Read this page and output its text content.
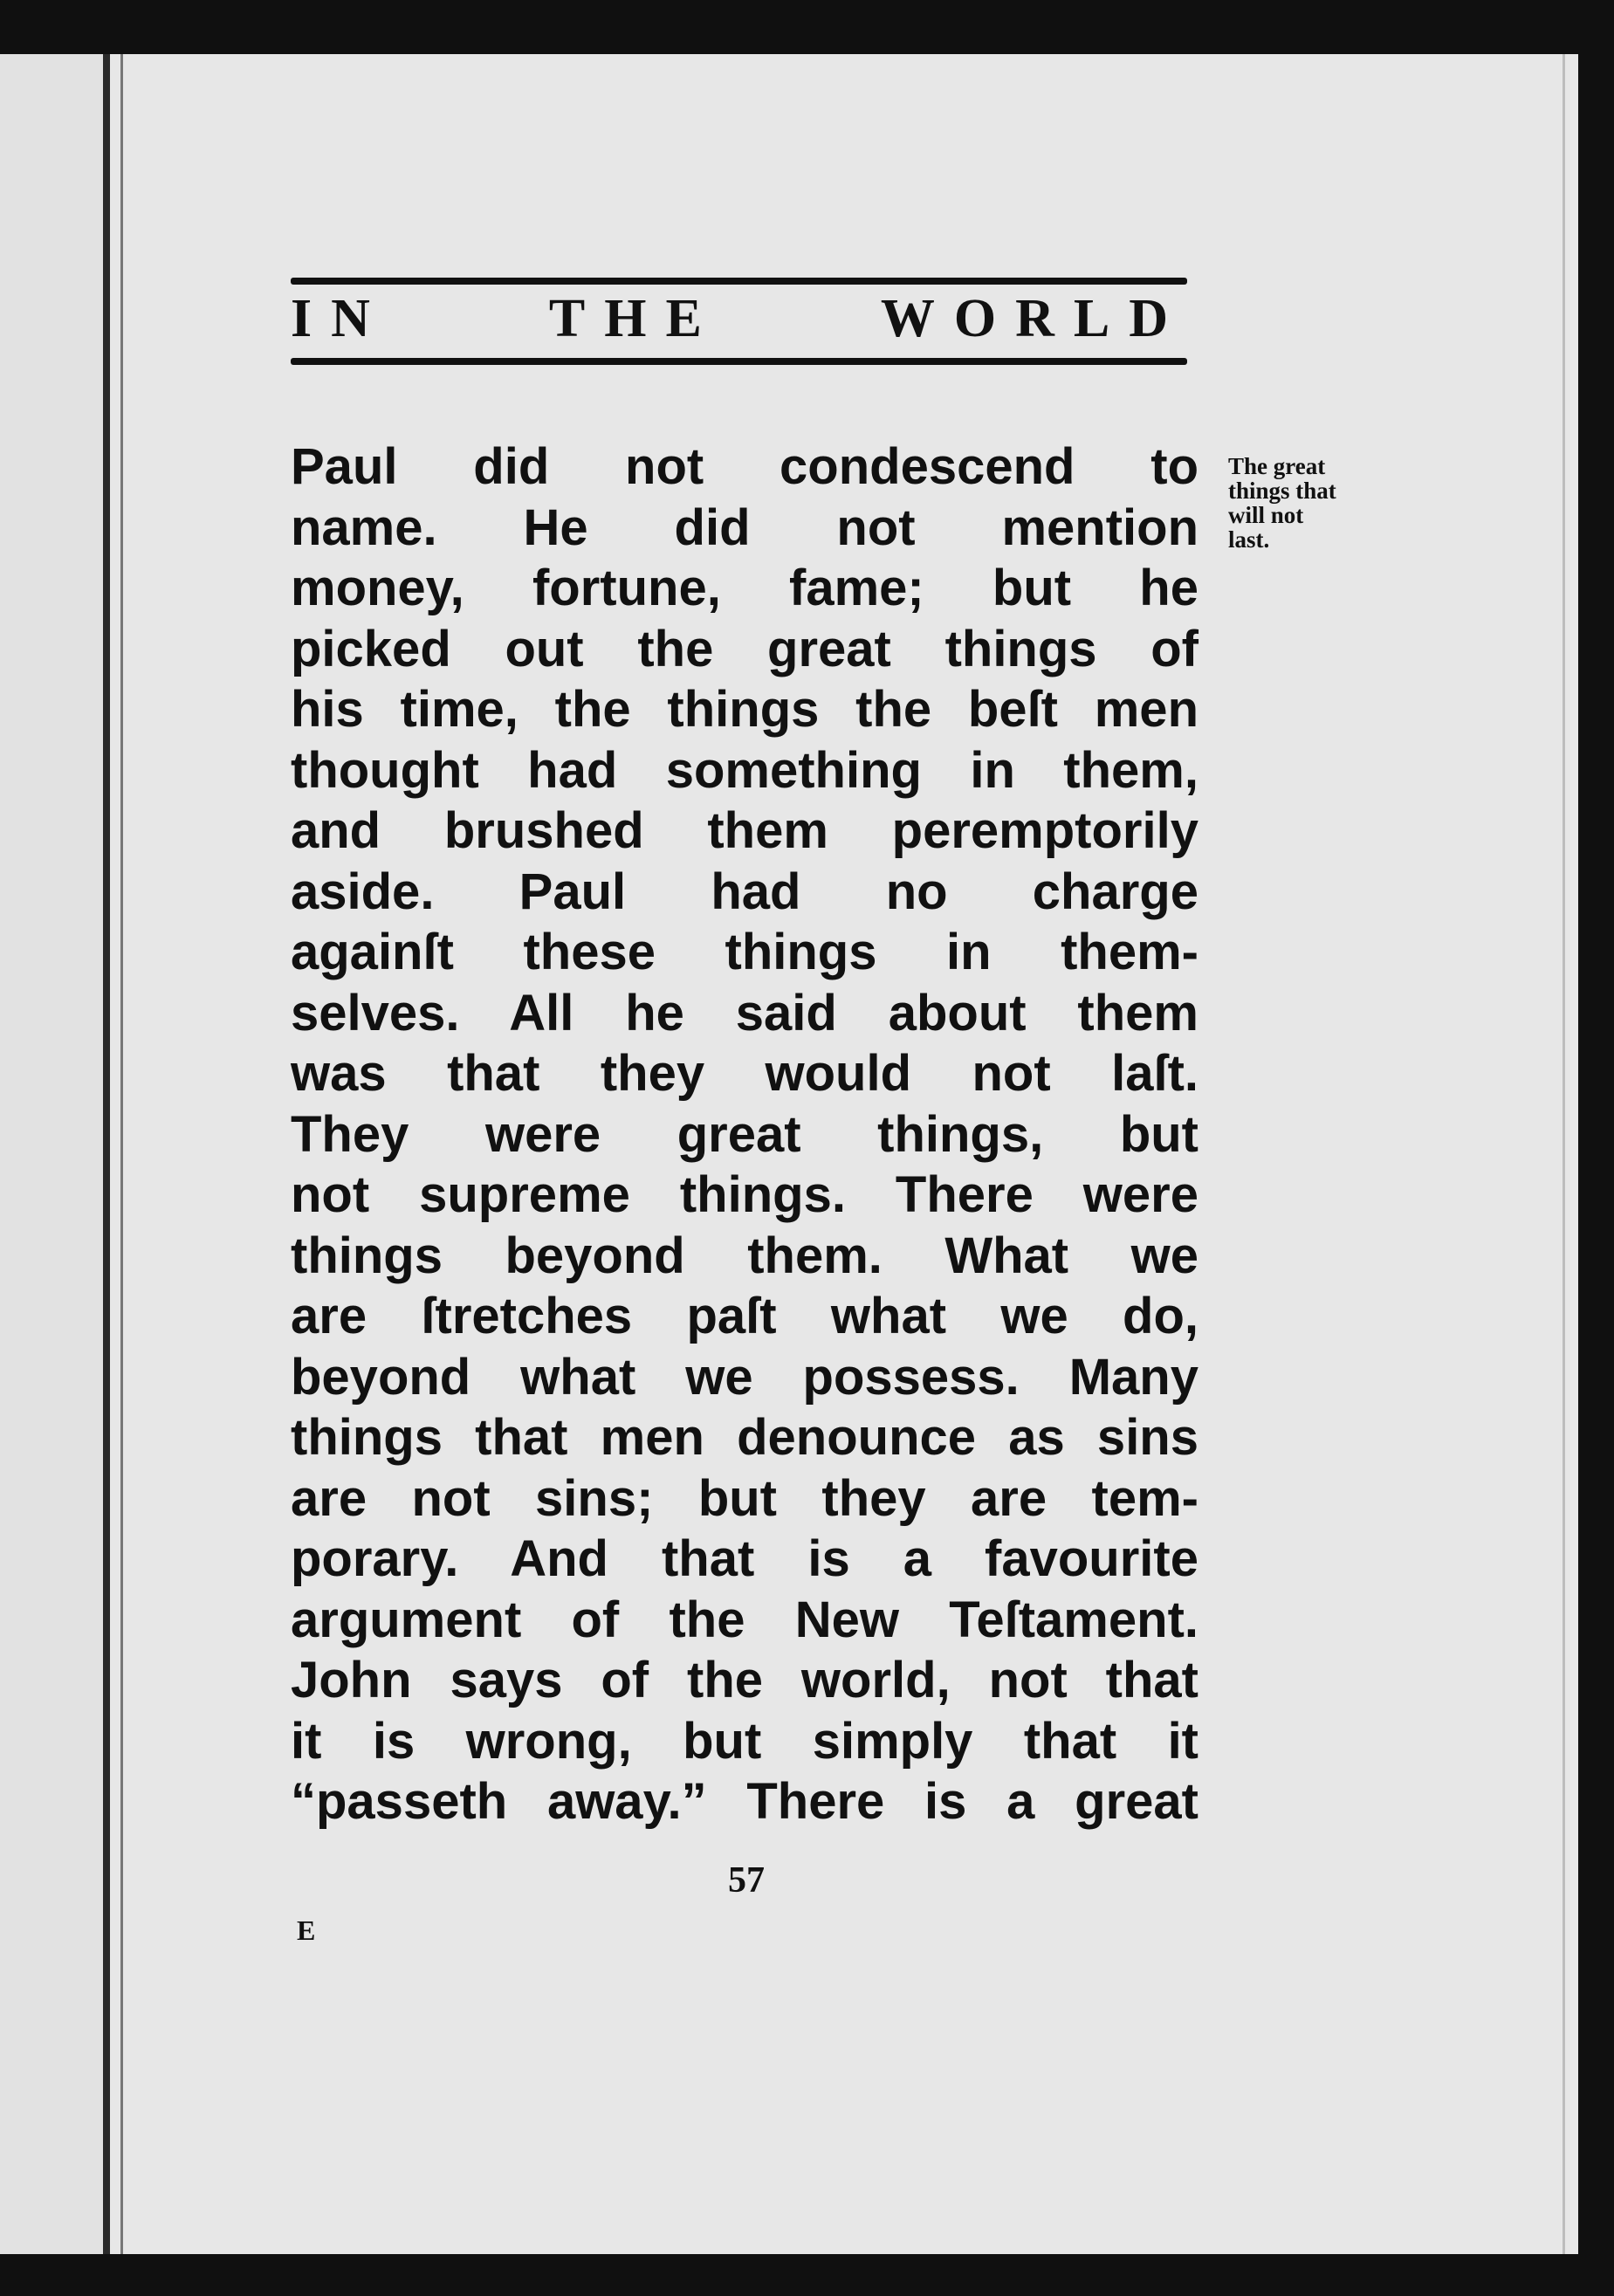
IN	THE	WORLD
Paul did not condescend to
name. He did not mention
money, fortune, fame; but he
picked out the great things of
his time, the things the beſt men
thought had something in them,
and brushed them peremptorily
aside. Paul had no charge
againſt these things in them-
selves. All he said about them
was that they would not laſt.
They were great things, but
not supreme things. There were
things beyond them. What we
are ſtretches paſt what we do,
beyond what we possess. Many
things that men denounce as sins
are not sins; but they are tem-
porary. And that is a favourite
argument of the New Teſtament.
John says of the world, not that
it is wrong, but simply that it
“passeth away.” There is a great
The great
things that
will not
last.
57
E
